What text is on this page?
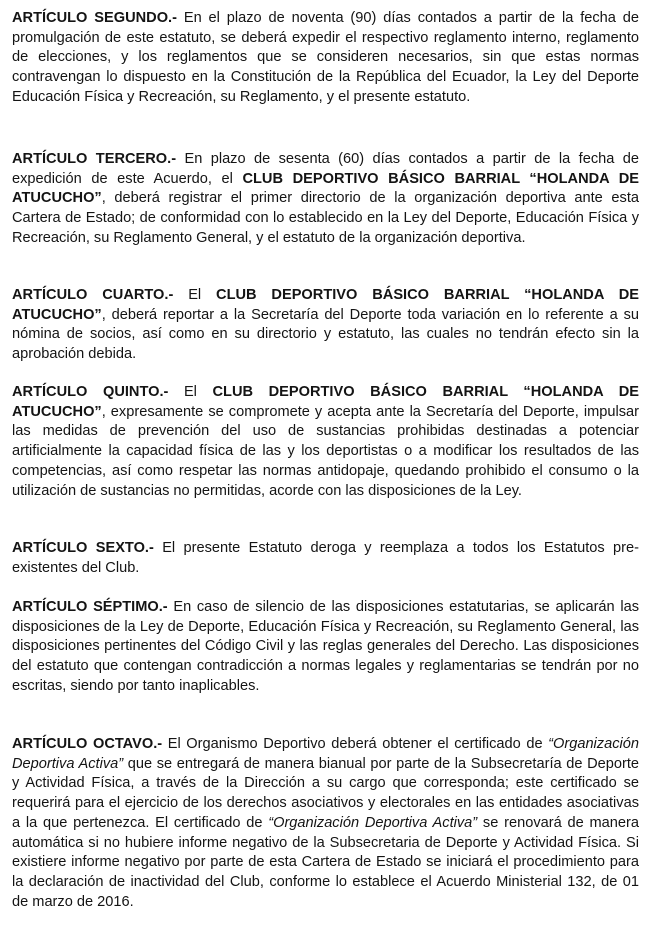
ARTÍCULO SEGUNDO.- En el plazo de noventa (90) días contados a partir de la fecha de promulgación de este estatuto, se deberá expedir el respectivo reglamento interno, reglamento de elecciones, y los reglamentos que se consideren necesarios, sin que estas normas contravengan lo dispuesto en la Constitución de la República del Ecuador, la Ley del Deporte Educación Física y Recreación, su Reglamento, y el presente estatuto.

ARTÍCULO TERCERO.- En plazo de sesenta (60) días contados a partir de la fecha de expedición de este Acuerdo, el CLUB DEPORTIVO BÁSICO BARRIAL “HOLANDA DE ATUCUCHO”, deberá registrar el primer directorio de la organización deportiva ante esta Cartera de Estado; de conformidad con lo establecido en la Ley del Deporte, Educación Física y Recreación, su Reglamento General, y el estatuto de la organización deportiva.

ARTÍCULO CUARTO.- El CLUB DEPORTIVO BÁSICO BARRIAL “HOLANDA DE ATUCUCHO”, deberá reportar a la Secretaría del Deporte toda variación en lo referente a su nómina de socios, así como en su directorio y estatuto, las cuales no tendrán efecto sin la aprobación debida.

ARTÍCULO QUINTO.- El CLUB DEPORTIVO BÁSICO BARRIAL “HOLANDA DE ATUCUCHO”, expresamente se compromete y acepta ante la Secretaría del Deporte, impulsar las medidas de prevención del uso de sustancias prohibidas destinadas a potenciar artificialmente la capacidad física de las y los deportistas o a modificar los resultados de las competencias, así como respetar las normas antidopaje, quedando prohibido el consumo o la utilización de sustancias no permitidas, acorde con las disposiciones de la Ley.

ARTÍCULO SEXTO.- El presente Estatuto deroga y reemplaza a todos los Estatutos pre-existentes del Club.

ARTÍCULO SÉPTIMO.- En caso de silencio de las disposiciones estatutarias, se aplicarán las disposiciones de la Ley de Deporte, Educación Física y Recreación, su Reglamento General, las disposiciones pertinentes del Código Civil y las reglas generales del Derecho. Las disposiciones del estatuto que contengan contradicción a normas legales y reglamentarias se tendrán por no escritas, siendo por tanto inaplicables.

ARTÍCULO OCTAVO.- El Organismo Deportivo deberá obtener el certificado de “Organización Deportiva Activa” que se entregará de manera bianual por parte de la Subsecretaría de Deporte y Actividad Física, a través de la Dirección a su cargo que corresponda; este certificado se requerirá para el ejercicio de los derechos asociativos y electorales en las entidades asociativas a la que pertenezca. El certificado de “Organización Deportiva Activa” se renovará de manera automática si no hubiere informe negativo de la Subsecretaria de Deporte y Actividad Física. Si existiere informe negativo por parte de esta Cartera de Estado se iniciará el procedimiento para la declaración de inactividad del Club, conforme lo establece el Acuerdo Ministerial 132, de 01 de marzo de 2016.
